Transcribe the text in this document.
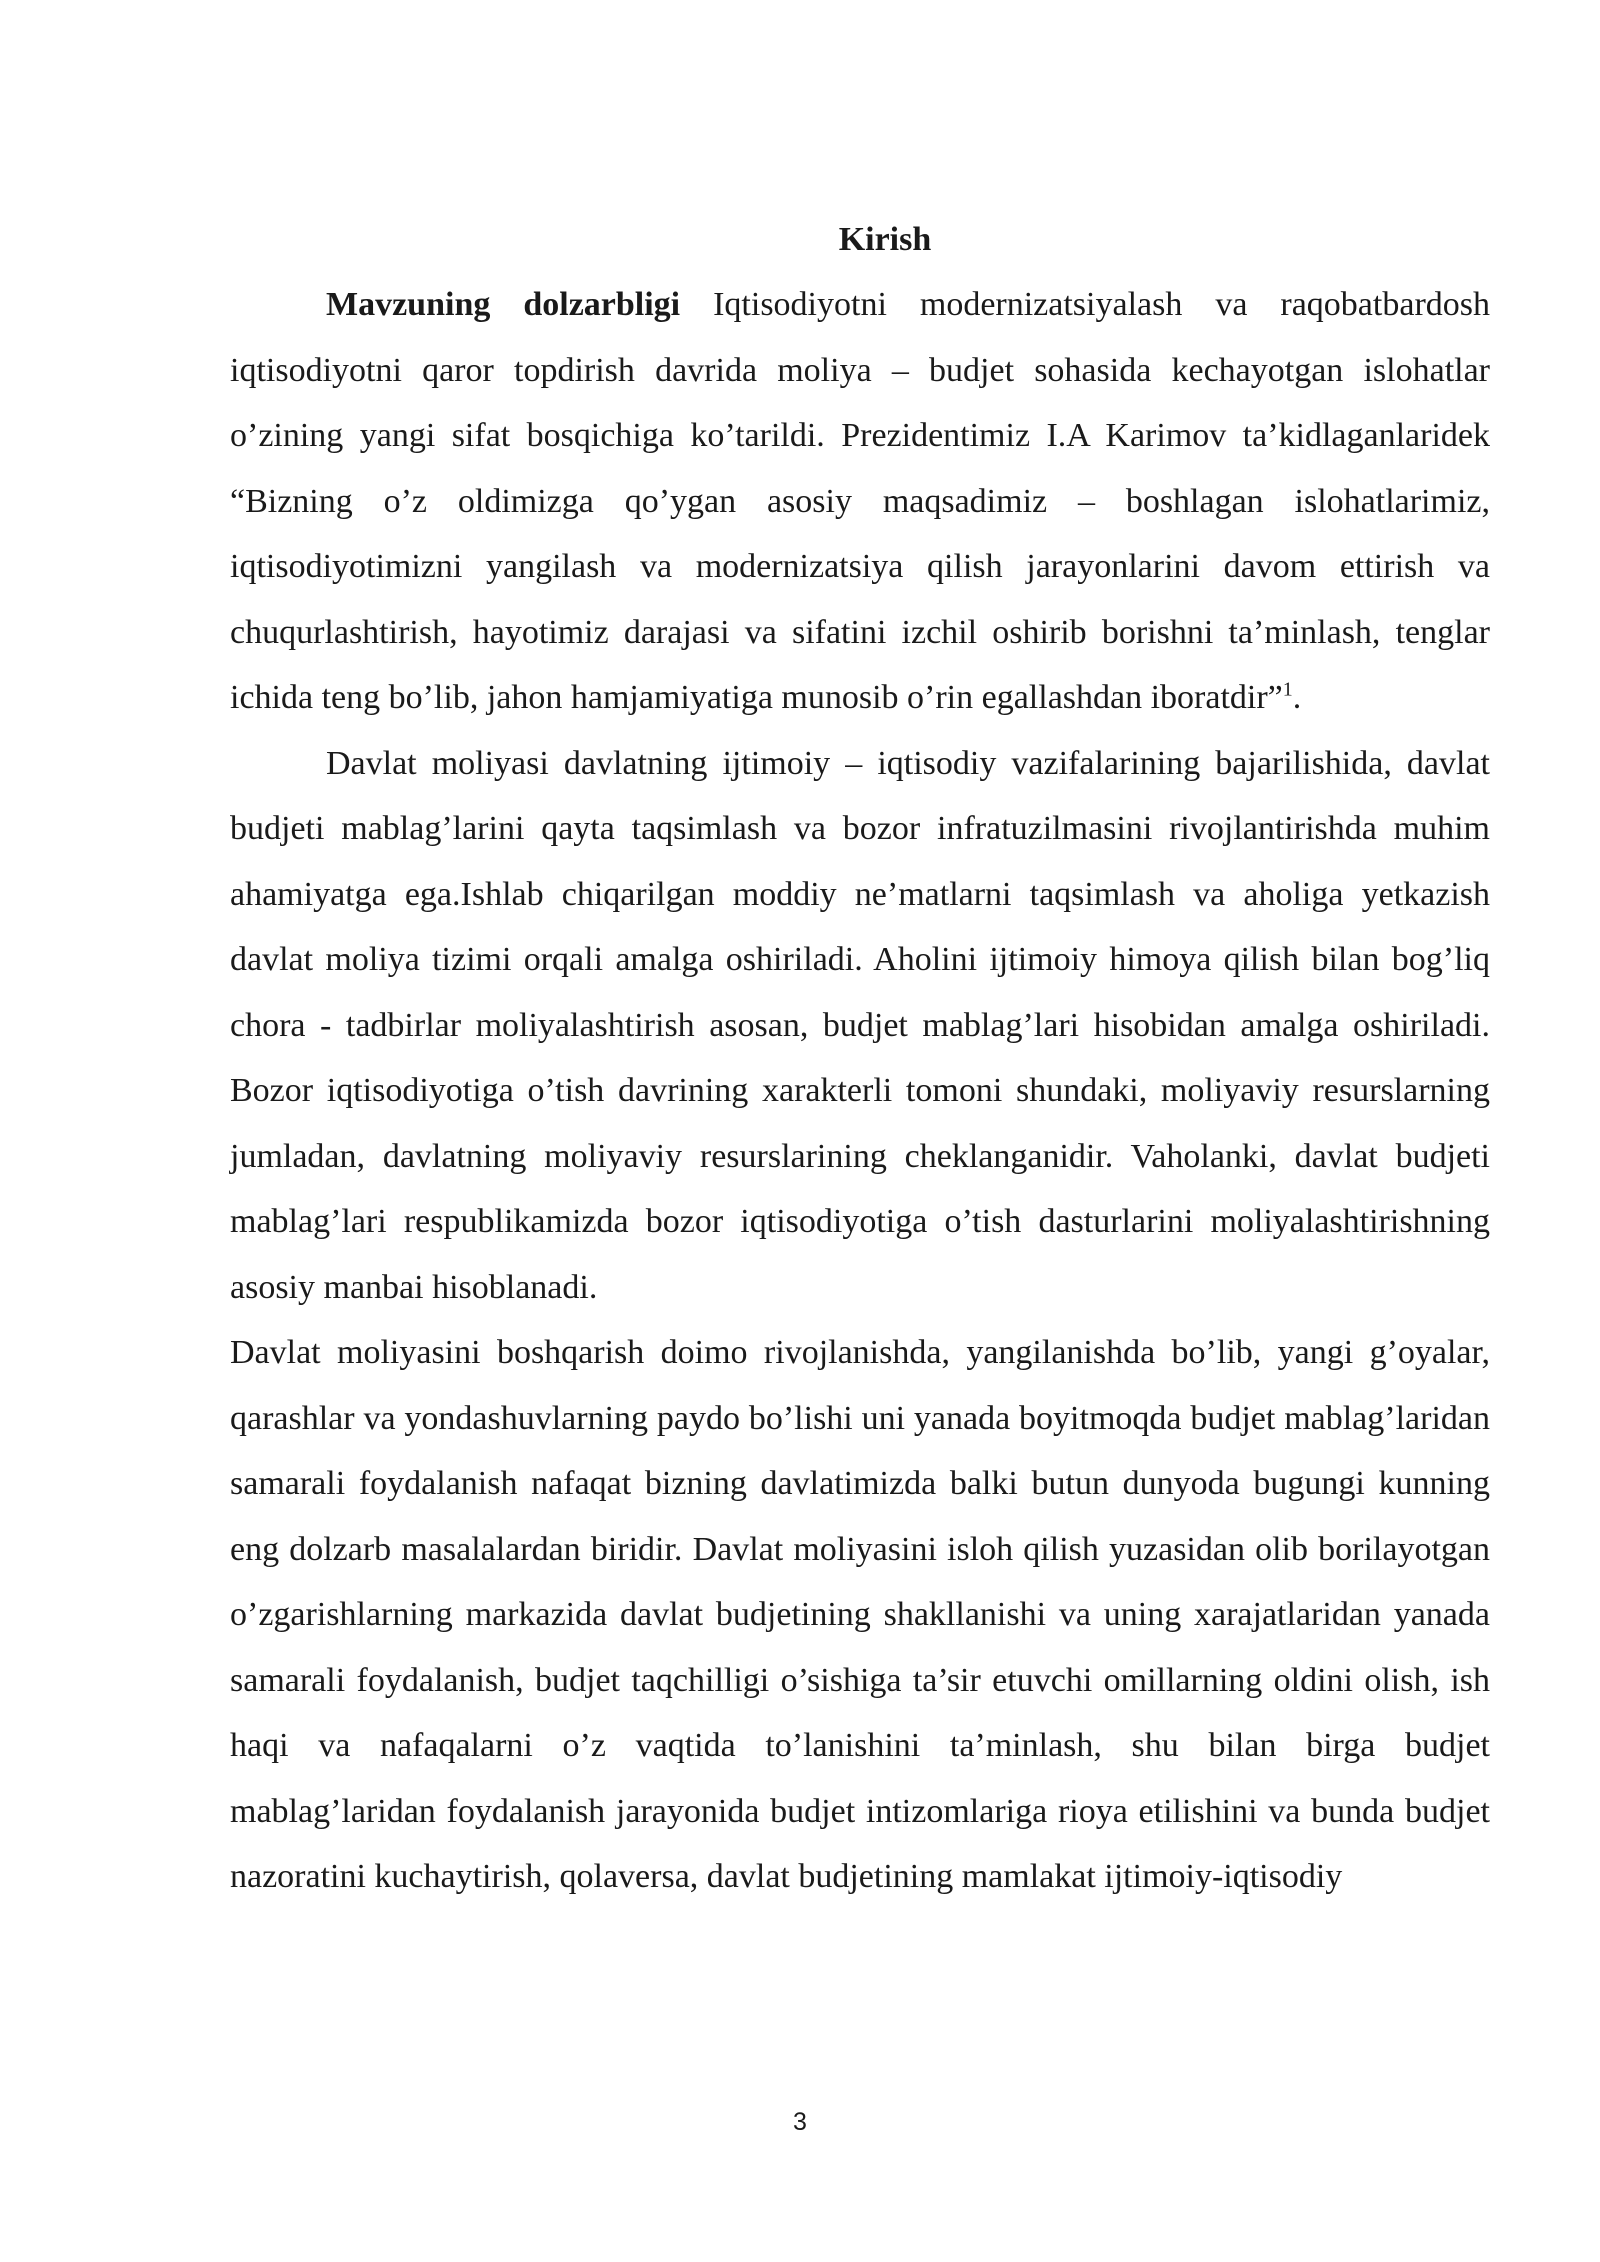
Kirish

Mavzuning dolzarbligi Iqtisodiyotni modernizatsiyalash va raqobatbardosh iqtisodiyotni qaror topdirish davrida moliya – budjet sohasida kechayotgan islohatlar o’zining yangi sifat bosqichiga ko’tarildi. Prezidentimiz I.A Karimov ta’kidlaganlaridek “Bizning o’z oldimizga qo’ygan asosiy maqsadimiz – boshlagan islohatlarimiz, iqtisodiyotimizni yangilash va modernizatsiya qilish jarayonlarini davom ettirish va chuqurlashtirish, hayotimiz darajasi va sifatini izchil oshirib borishni ta’minlash, tenglar ichida teng bo’lib, jahon hamjamiyatiga munosib o’rin egallashdan iboratdir”$^1$.

Davlat moliyasi davlatning ijtimoiy – iqtisodiy vazifalarining bajarilishida, davlat budjeti mablag’larini qayta taqsimlash va bozor infratuzilmasini rivojlantirishda muhim ahamiyatga ega.Ishlab chiqarilgan moddiy ne’matlarni taqsimlash va aholiga yetkazish davlat moliya tizimi orqali amalga oshiriladi. Aholini ijtimoiy himoya qilish bilan bog’liq chora - tadbirlar moliyalashtirish asosan, budjet mablag’lari hisobidan amalga oshiriladi. Bozor iqtisodiyotiga o’tish davrining xarakterli tomoni shundaki, moliyaviy resurslarning jumladan, davlatning moliyaviy resurslarining cheklanganidir. Vaholanki, davlat budjeti mablag’lari respublikamizda bozor iqtisodiyotiga o’tish dasturlarini moliyalashtirishning asosiy manbai hisoblanadi.

Davlat moliyasini boshqarish doimo rivojlanishda, yangilanishda bo’lib, yangi g’oyalar, qarashlar va yondashuvlarning paydo bo’lishi uni yanada boyitmoqda budjet mablag’laridan samarali foydalanish nafaqat bizning davlatimizda balki butun dunyoda bugungi kunning eng dolzarb masalalardan biridir. Davlat moliyasini isloh qilish yuzasidan olib borilayotgan o’zgarishlarning markazida davlat budjetining shakllanishi va uning xarajatlaridan yanada samarali foydalanish, budjet taqchilligi o’sishiga ta’sir etuvchi omillarning oldini olish, ish haqi va nafaqalarni o’z vaqtida to’lanishini ta’minlash, shu bilan birga budjet mablag’laridan foydalanish jarayonida budjet intizomlariga rioya etilishini va bunda budjet nazoratini kuchaytirish, qolaversa, davlat budjetining mamlakat ijtimoiy-iqtisodiy

3
